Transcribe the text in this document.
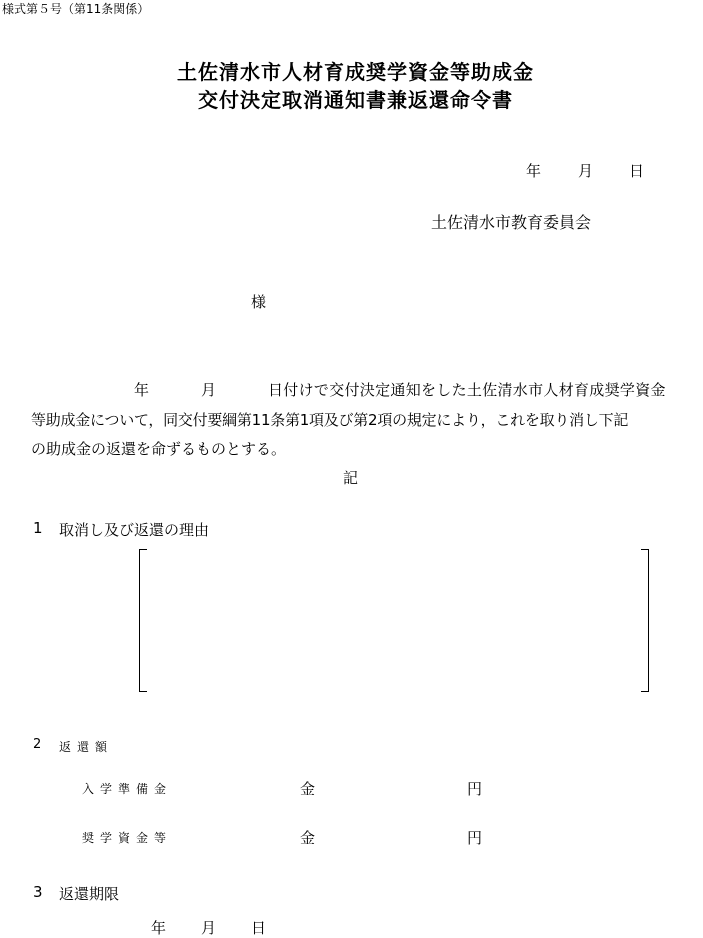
様式第５号（第11条関係）
土佐清水市人材育成奨学資金等助成金
交付決定取消通知書兼返還命令書
年 月 日
土佐清水市教育委員会
様
年	月	日付けで交付決定通知をした土佐清水市人材育成奨学資金
等助成金について，同交付要綱第11条第1項及び第2項の規定により，これを取り消し下記
の助成金の返還を命ずるものとする。
記
1 取消し及び返還の理由
2 返還額
入学準備金	金	円
奨学資金等	金	円
3 返還期限
年 月 日
